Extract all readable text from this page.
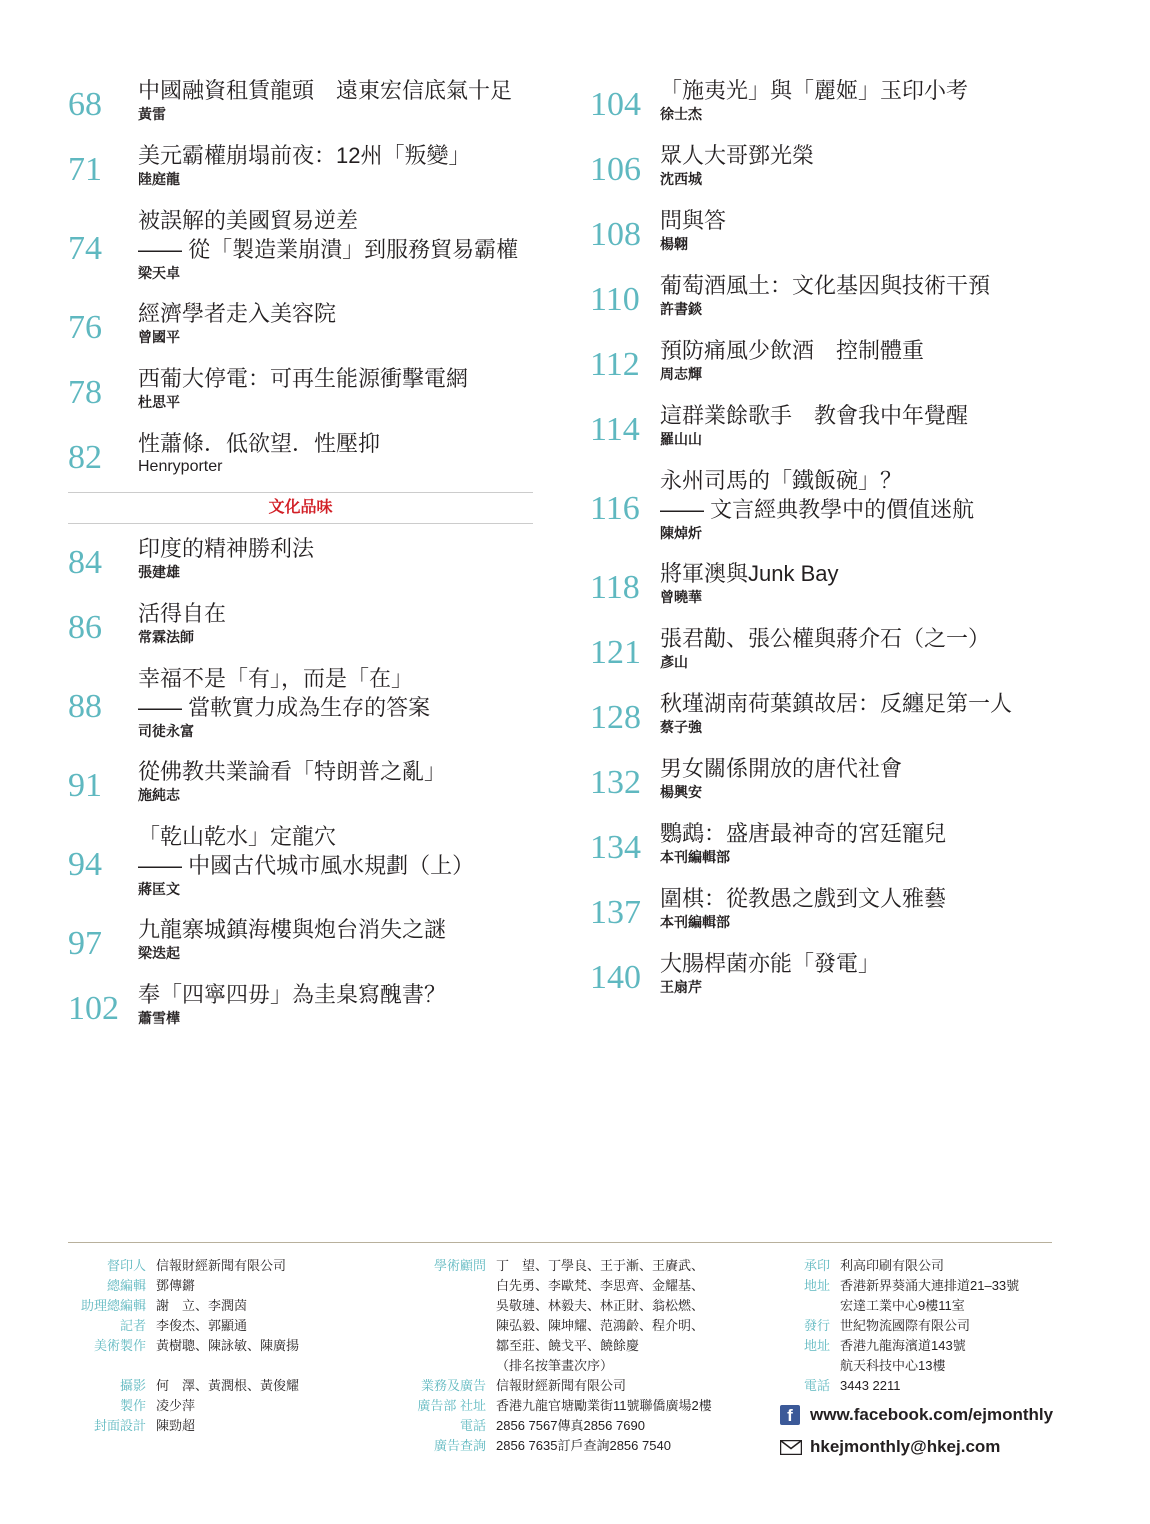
68 中國融資租賃龍頭　遠東宏信底氣十足
黃雷
71 美元霸權崩塌前夜：12州「叛變」
陸庭龍
74
被誤解的美國貿易逆差
—— 從「製造業崩潰」到服務貿易霸權
梁天卓
76 經濟學者走入美容院
曾國平
78 西葡大停電：可再生能源衝擊電網
杜思平
82 性蕭條．低欲望．性壓抑
Henryporter
文化品味
84 印度的精神勝利法
張建雄
86 活得自在
常霖法師
88
幸福不是「有」，而是「在」
—— 當軟實力成為生存的答案
司徒永富
91 從佛教共業論看「特朗普之亂」
施純志
94
「乾山乾水」定龍穴
—— 中國古代城市風水規劃（上）
蔣匡文
97 九龍寨城鎮海樓與炮台消失之謎
梁迭起
102 奉「四寧四毋」為圭臬寫醜書？
蕭雪樺
104 「施夷光」與「麗姬」玉印小考
徐士杰
106 眾人大哥鄧光榮
沈西城
108 問與答
楊翺
110 葡萄酒風土：文化基因與技術干預
許書錟
112 預防痛風少飲酒　控制體重
周志輝
114 這群業餘歌手　教會我中年覺醒
羅山山
116
永州司馬的「鐵飯碗」？
—— 文言經典教學中的價值迷航
陳焯炘
118 將軍澳與Junk Bay
曾曉華
121 張君勱、張公權與蔣介石（之一）
彥山
128 秋瑾湖南荷葉鎮故居：反纏足第一人
蔡子強
132 男女關係開放的唐代社會
楊興安
134 鸚鵡：盛唐最神奇的宮廷寵兒
本刊編輯部
137 圍棋：從教愚之戲到文人雅藝
本刊編輯部
140 大腸桿菌亦能「發電」
王扇芹
督印人 信報財經新聞有限公司
總編輯 鄧傳鏘
助理總編輯 謝　立、李潤茵
記者 李俊杰、郭顯通
美術製作 黃樹聰、陳詠敏、陳廣揚
攝影 何　澤、黃潤根、黃俊耀
製作 凌少萍
封面設計 陳勁超
學術顧問 丁　望、丁學良、王于漸、王賡武、
白先勇、李歐梵、李思齊、金耀基、
吳敬璉、林毅夫、林正財、翁松燃、
陳弘毅、陳坤耀、范鴻齡、程介明、
鄒至莊、饒戈平、饒餘慶
（排名按筆畫次序）
業務及廣告 信報財經新聞有限公司
廣告部 社址 香港九龍官塘勵業街11號聯僑廣場2樓
電話 2856 7567 傳真 2856 7690
廣告查詢 2856 7635 訂戶查詢 2856 7540
承印 利高印刷有限公司
地址 香港新界葵涌大連排道21–33號
宏達工業中心9樓11室
發行 世紀物流國際有限公司
地址 香港九龍海濱道143號
航天科技中心13樓
電話 3443 2211
f	www.facebook.com/ejmonthly
hkejmonthly@hkej.com
